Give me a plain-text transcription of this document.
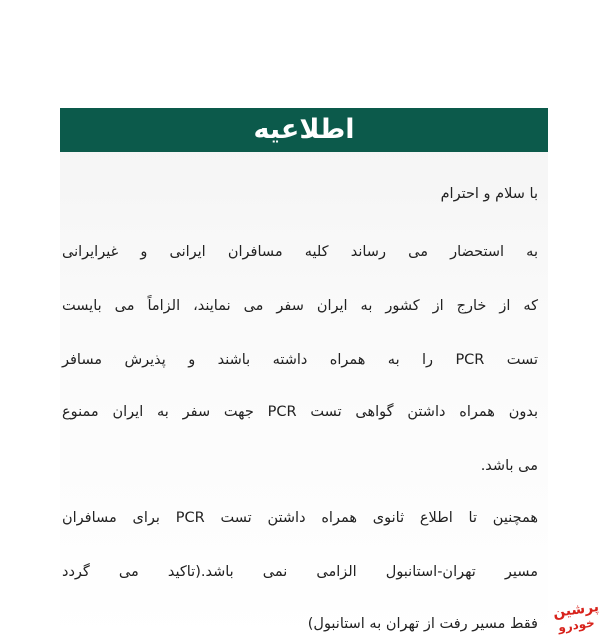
اطلاعیه
با سلام و احترام
به استحضار می رساند کلیه مسافران ایرانی و غیرایرانی
که از خارج از کشور به ایران سفر می نمایند، الزاماً می بایست
تست PCR را به همراه داشته باشند و پذیرش مسافر
بدون همراه داشتن گواهی تست PCR جهت سفر به ایران ممنوع
می باشد.
همچنین تا اطلاع ثانوی همراه داشتن تست PCR برای مسافران
مسیر تهران-استانبول الزامی نمی باشد.(تاکید می گردد
فقط مسیر رفت از تهران به استانبول)
پرشین
خودرو
